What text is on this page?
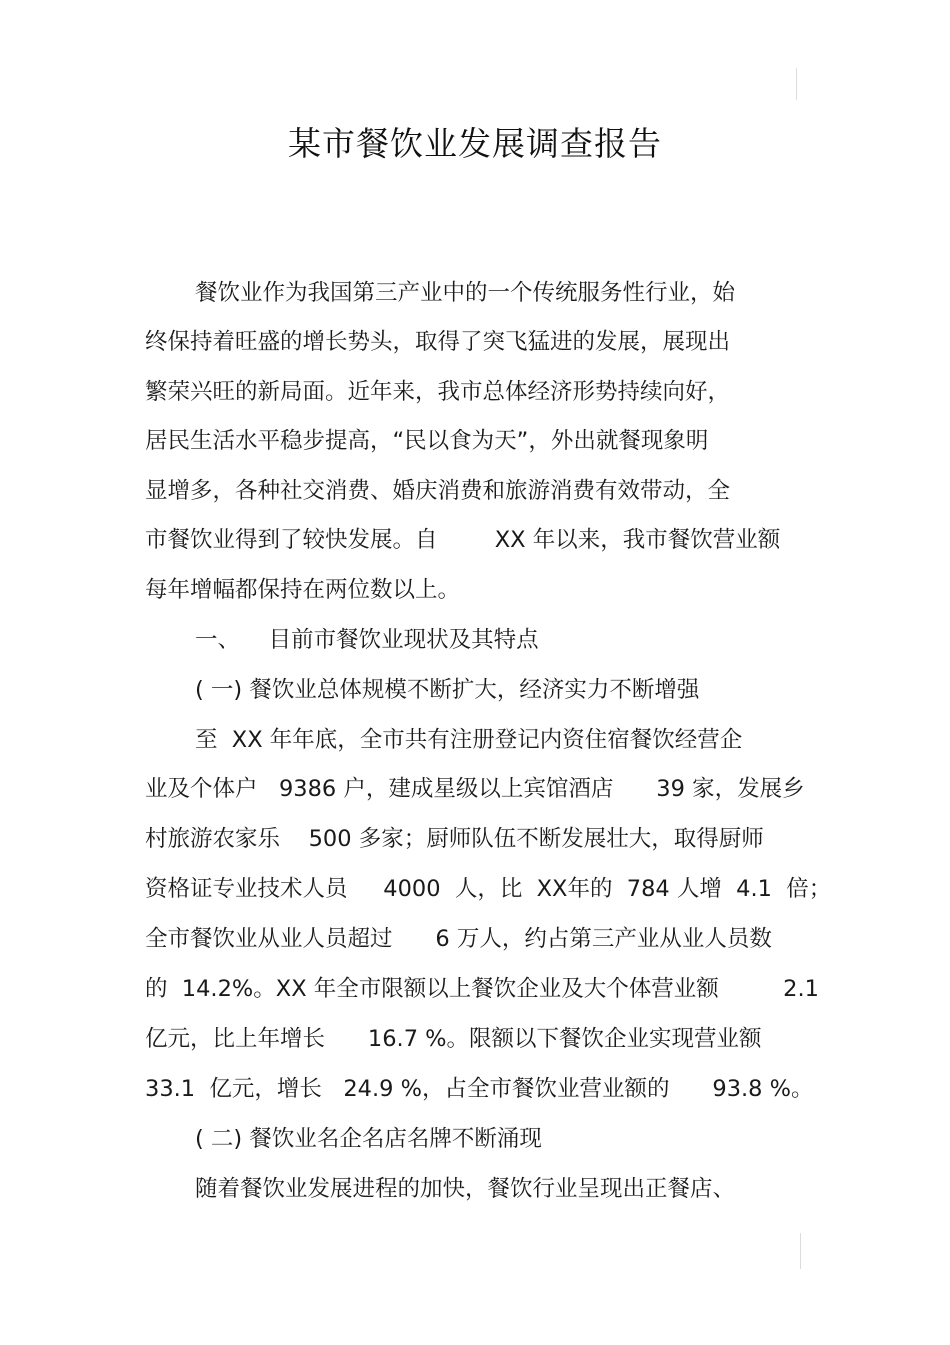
某市餐饮业发展调查报告

餐饮业作为我国第三产业中的一个传统服务性行业，始

终保持着旺盛的增长势头，取得了突飞猛进的发展，展现出

繁荣兴旺的新局面。近年来，我市总体经济形势持续向好，

居民生活水平稳步提高，“民以食为天”，外出就餐现象明

显增多，各种社交消费、婚庆消费和旅游消费有效带动，全

市餐饮业得到了较快发展。自        XX 年以来，我市餐饮营业额

每年增幅都保持在两位数以上。

一、    目前市餐饮业现状及其特点

( 一) 餐饮业总体规模不断扩大，经济实力不断增强

至  XX 年年底，全市共有注册登记内资住宿餐饮经营企

业及个体户   9386 户，建成星级以上宾馆酒店      39 家，发展乡

村旅游农家乐    500 多家；厨师队伍不断发展壮大，取得厨师

资格证专业技术人员     4000  人，比  XX年的  784 人增  4.1  倍；

全市餐饮业从业人员超过      6 万人，约占第三产业从业人员数

的  14.2%。XX 年全市限额以上餐饮企业及大个体营业额         2.1

亿元，比上年增长      16.7 %。限额以下餐饮企业实现营业额

33.1  亿元，增长   24.9 %，占全市餐饮业营业额的      93.8 %。

( 二) 餐饮业名企名店名牌不断涌现

随着餐饮业发展进程的加快，餐饮行业呈现出正餐店、
